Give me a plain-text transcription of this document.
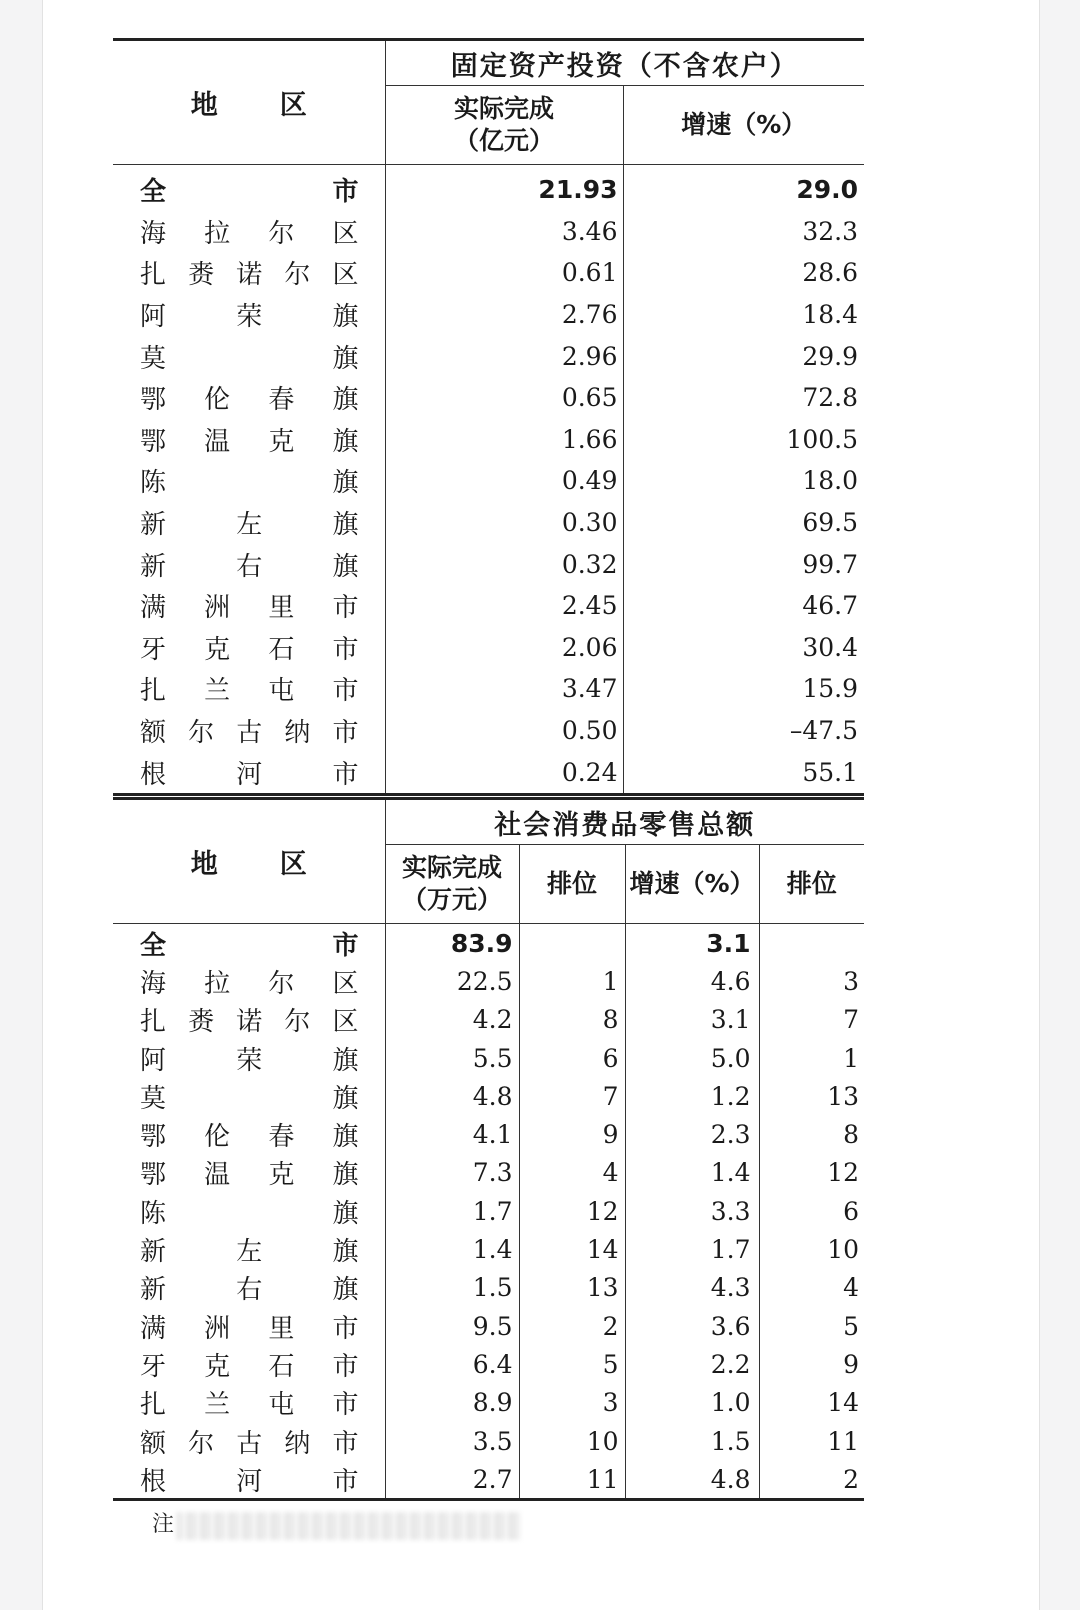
地 区	固定资产投资（不含农户）	

	实际完成
（亿元）	增速（%）

全 市	21.93	29.0

海 拉 尔 区	3.46	32.3

扎 赉 诺 尔 区	0.61	28.6

阿 荣 旗	2.76	18.4

莫 旗	2.96	29.9

鄂 伦 春 旗	0.65	72.8

鄂 温 克 旗	1.66	100.5

陈 旗	0.49	18.0

新 左 旗	0.30	69.5

新 右 旗	0.32	99.7

满 洲 里 市	2.45	46.7

牙 克 石 市	2.06	30.4

扎 兰 屯 市	3.47	15.9

额 尔 古 纳 市	0.50	–47.5

根 河 市	0.24	55.1
地 区	社会消费品零售总额			

	实际完成
（万元）	排位	增速（%）	排位

全 市	83.9		3.1	

海 拉 尔 区	22.5	1	4.6	3

扎 赉 诺 尔 区	4.2	8	3.1	7

阿 荣 旗	5.5	6	5.0	1

莫 旗	4.8	7	1.2	13

鄂 伦 春 旗	4.1	9	2.3	8

鄂 温 克 旗	7.3	4	1.4	12

陈 旗	1.7	12	3.3	6

新 左 旗	1.4	14	1.7	10

新 右 旗	1.5	13	4.3	4

满 洲 里 市	9.5	2	3.6	5

牙 克 石 市	6.4	5	2.2	9

扎 兰 屯 市	8.9	3	1.0	14

额 尔 古 纳 市	3.5	10	1.5	11

根 河 市	2.7	11	4.8	2
注
